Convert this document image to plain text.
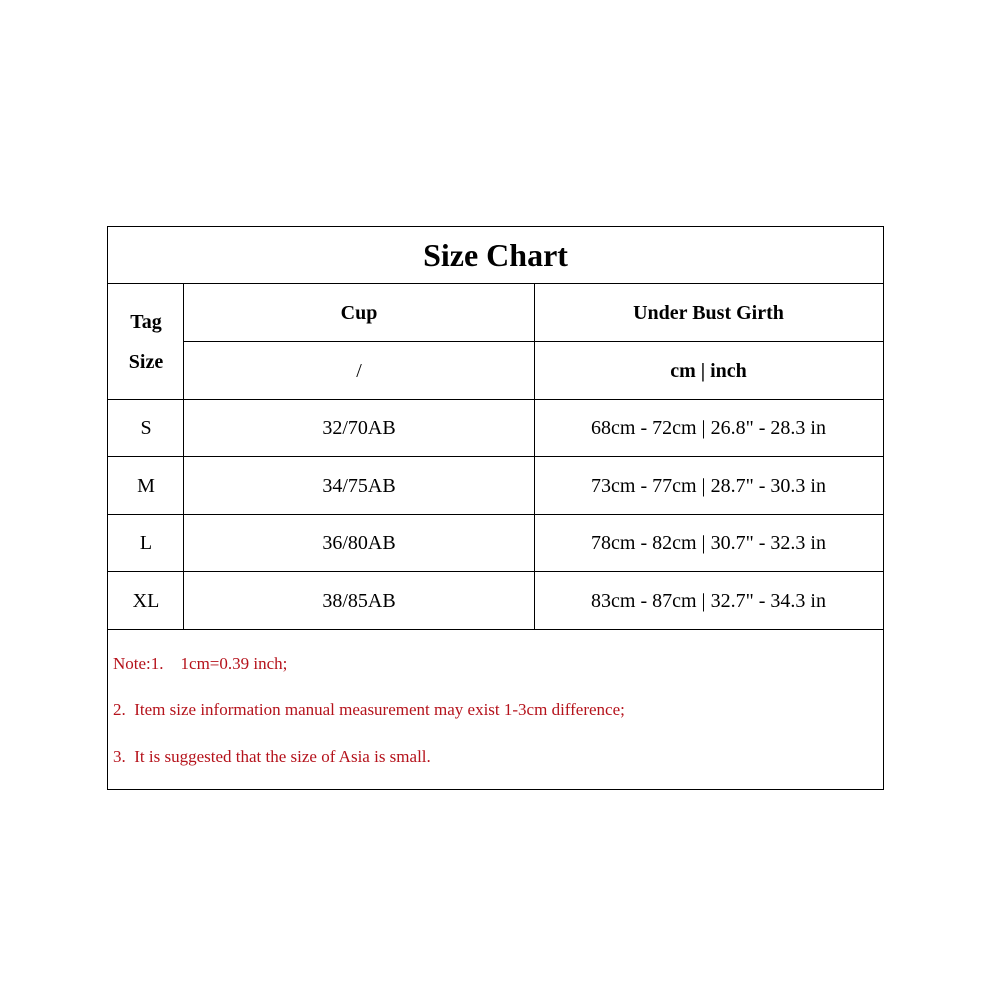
Size Chart
Tag
Size
Cup	Under Bust Girth
/	cm | inch
S	32/70AB	68cm - 72cm | 26.8" - 28.3 in
M	34/75AB	73cm - 77cm | 28.7" - 30.3 in
L	36/80AB	78cm - 82cm | 30.7" - 32.3 in
XL	38/85AB	83cm - 87cm | 32.7" - 34.3 in
Note:1.    1cm=0.39 inch;
2.  Item size information manual measurement may exist 1-3cm difference;
3.  It is suggested that the size of Asia is small.
